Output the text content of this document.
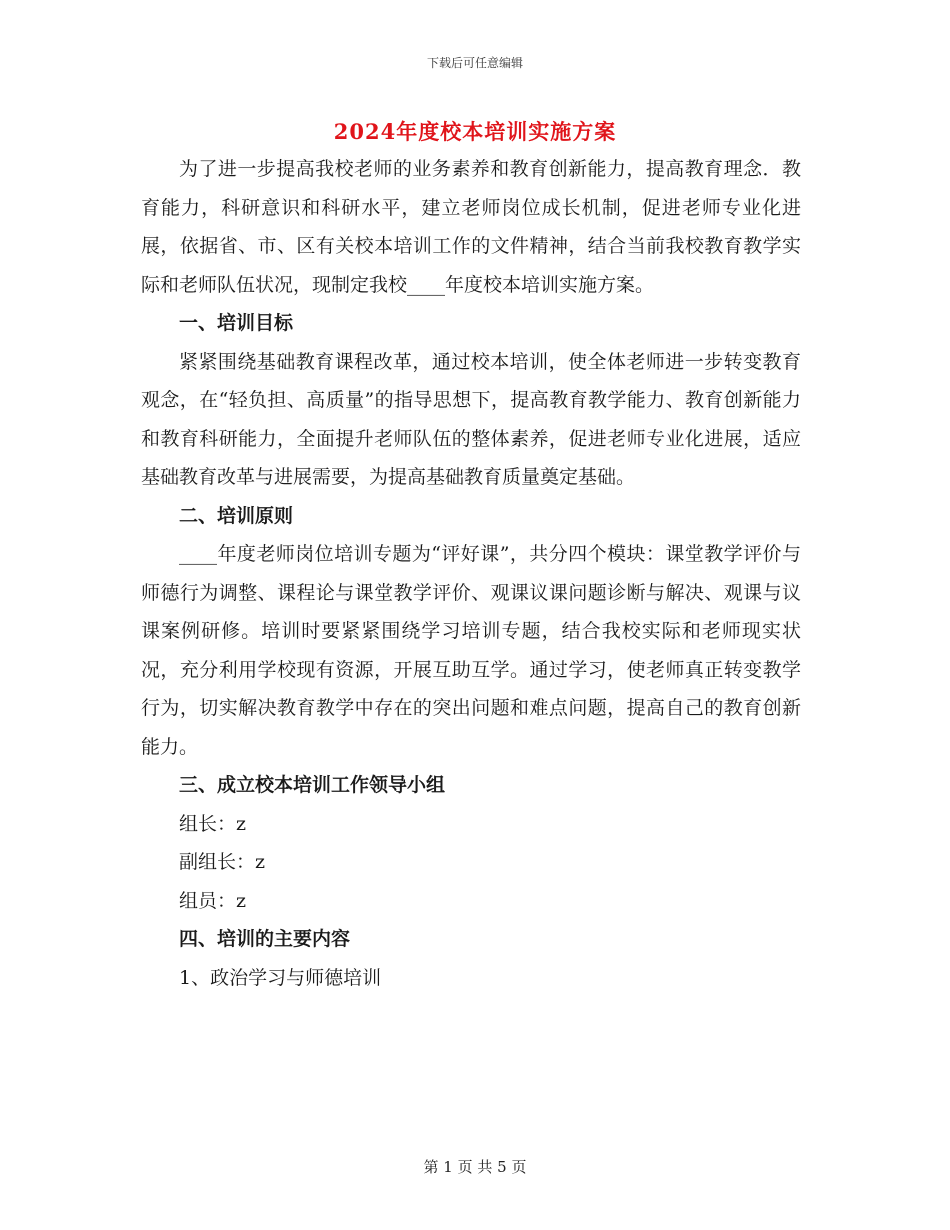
下载后可任意编辑
2024年度校本培训实施方案

为了进一步提高我校老师的业务素养和教育创新能力，提高教育理念．教育能力，科研意识和科研水平，建立老师岗位成长机制，促进老师专业化进展，依据省、市、区有关校本培训工作的文件精神，结合当前我校教育教学实际和老师队伍状况，现制定我校____年度校本培训实施方案。

一、培训目标

紧紧围绕基础教育课程改革，通过校本培训，使全体老师进一步转变教育观念，在“轻负担、高质量”的指导思想下，提高教育教学能力、教育创新能力和教育科研能力，全面提升老师队伍的整体素养，促进老师专业化进展，适应基础教育改革与进展需要，为提高基础教育质量奠定基础。

二、培训原则

____年度老师岗位培训专题为“评好课”，共分四个模块：课堂教学评价与师德行为调整、课程论与课堂教学评价、观课议课问题诊断与解决、观课与议课案例研修。培训时要紧紧围绕学习培训专题，结合我校实际和老师现实状况，充分利用学校现有资源，开展互助互学。通过学习，使老师真正转变教学行为，切实解决教育教学中存在的突出问题和难点问题，提高自己的教育创新能力。

三、成立校本培训工作领导小组

组长：z

副组长：z

组员：z

四、培训的主要内容

1、政治学习与师德培训

第 1 页 共 5 页
